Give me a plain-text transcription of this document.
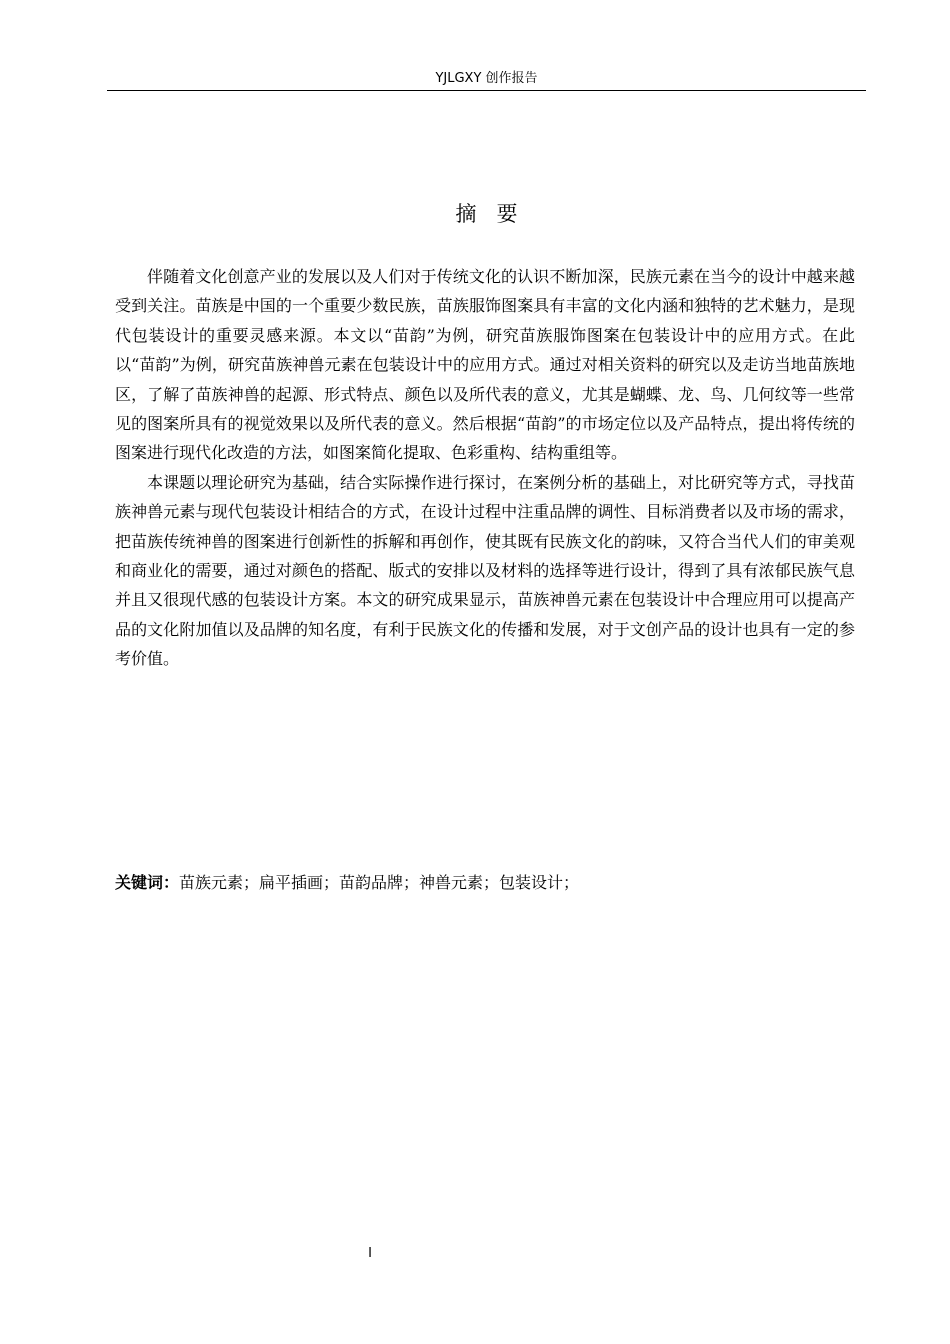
YJLGXY 创作报告
摘要

伴随着文化创意产业的发展以及人们对于传统文化的认识不断加深，民族元素在当今的设计中越来越受到关注。苗族是中国的一个重要少数民族，苗族服饰图案具有丰富的文化内涵和独特的艺术魅力，是现代包装设计的重要灵感来源。本文以“苗韵”为例，研究苗族服饰图案在包装设计中的应用方式。在此以“苗韵”为例，研究苗族神兽元素在包装设计中的应用方式。通过对相关资料的研究以及走访当地苗族地区，了解了苗族神兽的起源、形式特点、颜色以及所代表的意义，尤其是蝴蝶、龙、鸟、几何纹等一些常见的图案所具有的视觉效果以及所代表的意义。然后根据“苗韵”的市场定位以及产品特点，提出将传统的图案进行现代化改造的方法，如图案简化提取、色彩重构、结构重组等。

本课题以理论研究为基础，结合实际操作进行探讨，在案例分析的基础上，对比研究等方式，寻找苗族神兽元素与现代包装设计相结合的方式，在设计过程中注重品牌的调性、目标消费者以及市场的需求，把苗族传统神兽的图案进行创新性的拆解和再创作，使其既有民族文化的韵味，又符合当代人们的审美观和商业化的需要，通过对颜色的搭配、版式的安排以及材料的选择等进行设计，得到了具有浓郁民族气息并且又很现代感的包装设计方案。本文的研究成果显示，苗族神兽元素在包装设计中合理应用可以提高产品的文化附加值以及品牌的知名度，有利于民族文化的传播和发展，对于文创产品的设计也具有一定的参考价值。

关键词：苗族元素；扁平插画；苗韵品牌；神兽元素；包装设计；
I
